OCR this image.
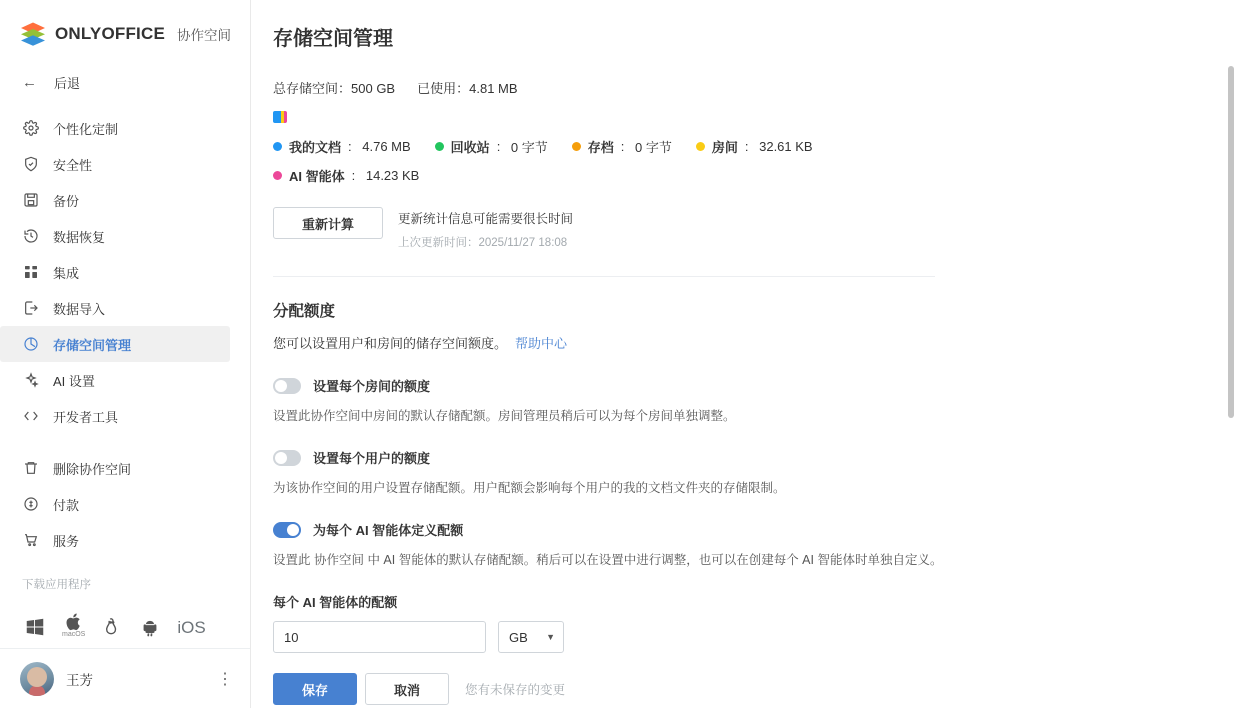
ONLYOFFICE 协作空间
← 后退
个性化定制
安全性
备份
数据恢复
集成
数据导入
存储空间管理
AI 设置
开发者工具
删除协作空间
付款
服务
下载应用程序
macOS	iOS
王芳	⋮
存储空间管理
总存储空间：500 GB 已使用：4.81 MB
我的文档 : 4.76 MB	回收站 : 0 字节	存档 : 0 字节	房间 : 32.61 KB
AI 智能体 : 14.23 KB
重新计算	更新统计信息可能需要很长时间
上次更新时间：2025/11/27 18:08
分配额度
您可以设置用户和房间的储存空间额度。 帮助中心
设置每个房间的额度
设置此协作空间中房间的默认存储配额。房间管理员稍后可以为每个房间单独调整。
设置每个用户的额度
为该协作空间的用户设置存储配额。用户配额会影响每个用户的我的文档文件夹的存储限制。
为每个 AI 智能体定义配额
设置此 协作空间 中 AI 智能体的默认存储配额。稍后可以在设置中进行调整，也可以在创建每个 AI 智能体时单独自定义。
每个 AI 智能体的配额
10
GB ▼
保存	取消	您有未保存的变更
